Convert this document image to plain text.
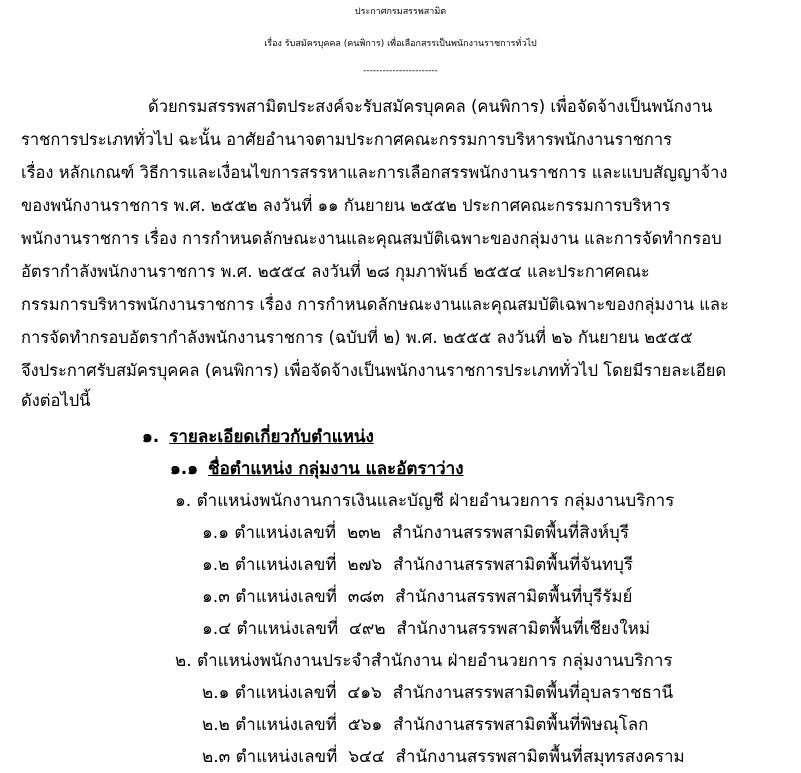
ประกาศกรมสรรพสามิต
เรื่อง รับสมัครบุคคล (คนพิการ) เพื่อเลือกสรรเป็นพนักงานราชการทั่วไป
-----------------------
ด้วยกรมสรรพสามิตประสงค์จะรับสมัครบุคคล (คนพิการ) เพื่อจัดจ้างเป็นพนักงาน
ราชการประเภททั่วไป ฉะนั้น อาศัยอำนาจตามประกาศคณะกรรมการบริหารพนักงานราชการ
เรื่อง หลักเกณฑ์ วิธีการและเงื่อนไขการสรรหาและการเลือกสรรพนักงานราชการ และแบบสัญญาจ้าง
ของพนักงานราชการ พ.ศ. ๒๕๕๒ ลงวันที่ ๑๑ กันยายน ๒๕๕๒ ประกาศคณะกรรมการบริหาร
พนักงานราชการ เรื่อง การกำหนดลักษณะงานและคุณสมบัติเฉพาะของกลุ่มงาน และการจัดทำกรอบ
อัตรากำลังพนักงานราชการ พ.ศ. ๒๕๕๔ ลงวันที่ ๒๘ กุมภาพันธ์ ๒๕๕๔ และประกาศคณะ
กรรมการบริหารพนักงานราชการ เรื่อง การกำหนดลักษณะงานและคุณสมบัติเฉพาะของกลุ่มงาน และ
การจัดทำกรอบอัตรากำลังพนักงานราชการ (ฉบับที่ ๒) พ.ศ. ๒๕๕๕ ลงวันที่ ๒๖ กันยายน ๒๕๕๕
จึงประกาศรับสมัครบุคคล (คนพิการ) เพื่อจัดจ้างเป็นพนักงานราชการประเภททั่วไป โดยมีรายละเอียด
ดังต่อไปนี้
๑. รายละเอียดเกี่ยวกับตำแหน่ง
๑.๑ ชื่อตำแหน่ง กลุ่มงาน และอัตราว่าง
๑. ตำแหน่งพนักงานการเงินและบัญชี ฝ่ายอำนวยการ กลุ่มงานบริการ
๑.๑ ตำแหน่งเลขที่ ๒๓๒ สำนักงานสรรพสามิตพื้นที่สิงห์บุรี
๑.๒ ตำแหน่งเลขที่ ๒๗๖ สำนักงานสรรพสามิตพื้นที่จันทบุรี
๑.๓ ตำแหน่งเลขที่ ๓๘๓ สำนักงานสรรพสามิตพื้นที่บุรีรัมย์
๑.๔ ตำแหน่งเลขที่ ๔๙๒ สำนักงานสรรพสามิตพื้นที่เชียงใหม่
๒. ตำแหน่งพนักงานประจำสำนักงาน ฝ่ายอำนวยการ กลุ่มงานบริการ
๒.๑ ตำแหน่งเลขที่ ๔๑๖ สำนักงานสรรพสามิตพื้นที่อุบลราชธานี
๒.๒ ตำแหน่งเลขที่ ๕๖๑ สำนักงานสรรพสามิตพื้นที่พิษณุโลก
๒.๓ ตำแหน่งเลขที่ ๖๔๔ สำนักงานสรรพสามิตพื้นที่สมุทรสงคราม
